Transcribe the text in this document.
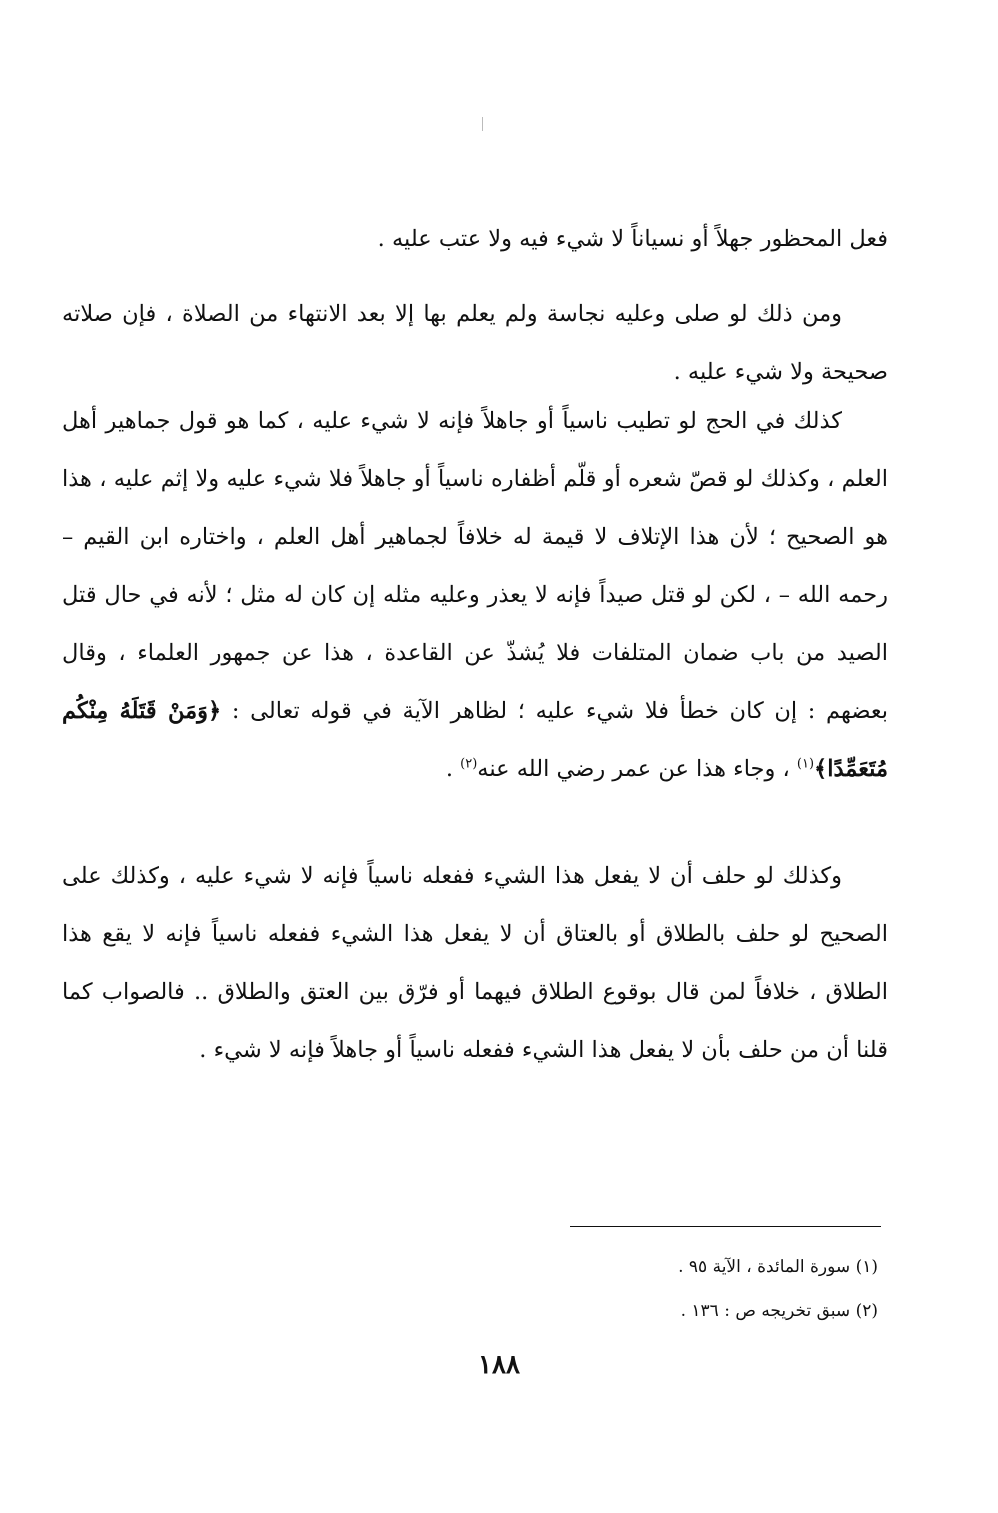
فعل المحظور جهلاً أو نسياناً لا شيء فيه ولا عتب عليه .

ومن ذلك لو صلى وعليه نجاسة ولم يعلم بها إلا بعد الانتهاء من الصلاة ، فإن صلاته صحيحة ولا شيء عليه .

كذلك في الحج لو تطيب ناسياً أو جاهلاً فإنه لا شيء عليه ، كما هو قول جماهير أهل العلم ، وكذلك لو قصّ شعره أو قلّم أظفاره ناسياً أو جاهلاً فلا شيء عليه ولا إثم عليه ، هذا هو الصحيح ؛ لأن هذا الإتلاف لا قيمة له خلافاً لجماهير أهل العلم ، واختاره ابن القيم – رحمه الله – ، لكن لو قتل صيداً فإنه لا يعذر وعليه مثله إن كان له مثل ؛ لأنه في حال قتل الصيد من باب ضمان المتلفات فلا يُشذّ عن القاعدة ، هذا عن جمهور العلماء ، وقال بعضهم : إن كان خطأ فلا شيء عليه ؛ لظاهر الآية في قوله تعالى : ﴿وَمَنْ قَتَلَهُ مِنْكُم مُتَعَمِّدًا﴾$^{(١)}$ ، وجاء هذا عن عمر رضي الله عنه$^{(٢)}$ .

وكذلك لو حلف أن لا يفعل هذا الشيء ففعله ناسياً فإنه لا شيء عليه ، وكذلك على الصحيح لو حلف بالطلاق أو بالعتاق أن لا يفعل هذا الشيء ففعله ناسياً فإنه لا يقع هذا الطلاق ، خلافاً لمن قال بوقوع الطلاق فيهما أو فرّق بين العتق والطلاق .. فالصواب كما قلنا أن من حلف بأن لا يفعل هذا الشيء ففعله ناسياً أو جاهلاً فإنه لا شيء .

(١) سورة المائدة ، الآية ٩٥ .
(٢) سبق تخريجه ص : ١٣٦ .
١٨٨
